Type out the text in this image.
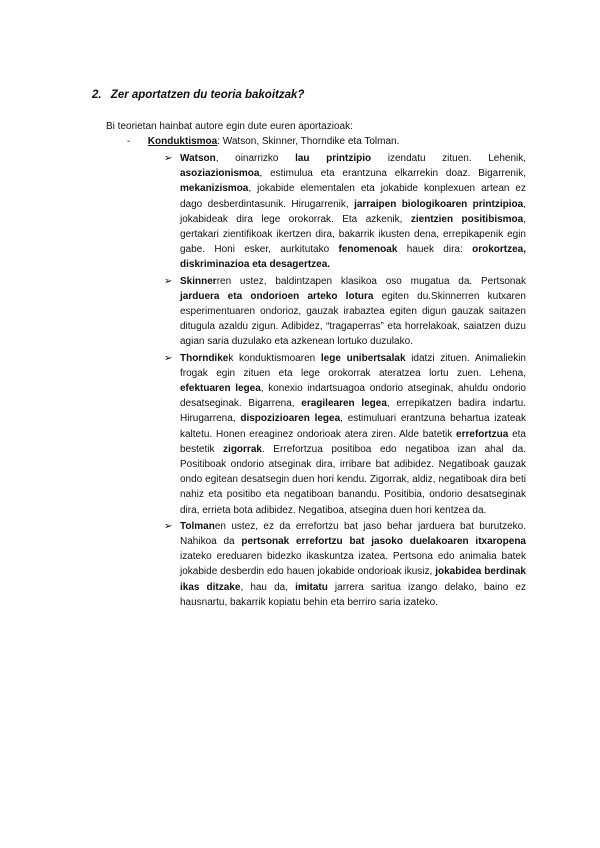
2. Zer aportatzen du teoria bakoitzak?
Bi teorietan hainbat autore egin dute euren aportazioak:
- Konduktismoa: Watson, Skinner, Thorndike eta Tolman.
➢ Watson, oinarrizko lau printzipio izendatu zituen. Lehenik, asoziazionismoa, estimulua eta erantzuna elkarrekin doaz. Bigarrenik, mekanizismoa, jokabide elementalen eta jokabide konplexuen artean ez dago desberdintasunik. Hirugarrenik, jarraipen biologikoaren printzipioa, jokabideak dira lege orokorrak. Eta azkenik, zientzien positibismoa, gertakari zientifikoak ikertzen dira, bakarrik ikusten dena, errepikapenik egin gabe. Honi esker, aurkitutako fenomenoak hauek dira: orokortzea, diskriminazioa eta desagertzea.
➢ Skinnerren ustez, baldintzapen klasikoa oso mugatua da. Pertsonak jarduera eta ondorioen arteko lotura egiten du.Skinnerren kutxaren esperimentuaren ondorioz, gauzak irabaztea egiten digun gauzak saitazen ditugula azaldu zigun. Adibidez, “tragaperras” eta horrelakoak, saiatzen duzu agian saria duzulako eta azkenean lortuko duzulako.
➢ Thorndikek konduktismoaren lege unibertsalak idatzi zituen. Animaliekin frogak egin zituen eta lege orokorrak ateratzea lortu zuen. Lehena, efektuaren legea, konexio indartsuagoa ondorio atseginak, ahuldu ondorio desatseginak. Bigarrena, eragilearen legea, errepikatzen badira indartu. Hirugarrena, dispozizioaren legea, estimuluari erantzuna behartua izateak kaltetu. Honen ereaginez ondorioak atera ziren. Alde batetik errefortzua eta bestetik zigorrak. Errefortzua positiboa edo negatiboa izan ahal da. Positiboak ondorio atseginak dira, irribare bat adibidez. Negatiboak gauzak ondo egitean desatsegin duen hori kendu. Zigorrak, aldiz, negatiboak dira beti nahiz eta positibo eta negatiboan banandu. Positibia, ondorio desatseginak dira, errieta bota adibidez. Negatiboa, atsegina duen hori kentzea da.
➢ Tolmanen ustez, ez da errefortzu bat jaso behar jarduera bat burutzeko. Nahikoa da pertsonak errefortzu bat jasoko duelakoaren itxaropena izateko ereduaren bidezko ikaskuntza izatea. Pertsona edo animalia batek jokabide desberdin edo hauen jokabide ondorioak ikusiz, jokabidea berdinak ikas ditzake, hau da, imitatu jarrera saritua izango delako, baino ez hausnartu, bakarrik kopiatu behin eta berriro saria izateko.
